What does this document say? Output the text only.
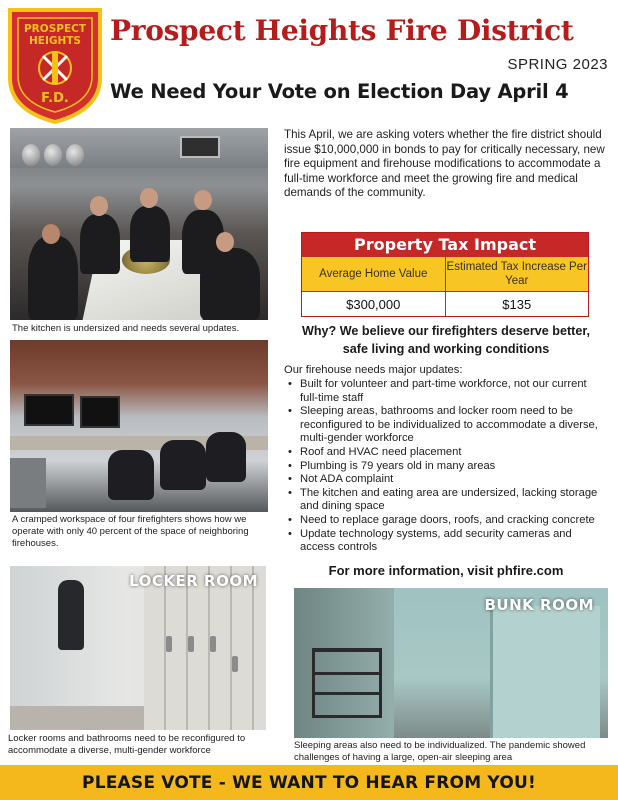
PROSPECT
HEIGHTS
F.D.
Prospect Heights Fire District
SPRING 2023
We Need Your Vote on Election Day April 4
The kitchen is undersized and needs several updates.
A cramped workspace of four firefighters shows how we operate with only 40 percent of the space of neighboring firehouses.
LOCKER ROOM
Locker rooms and bathrooms need to be reconfigured to accommodate a diverse, multi-gender workforce
This April, we are asking voters whether the fire district should issue $10,000,000 in bonds to pay for critically necessary, new fire equipment and firehouse modifications to accommodate a full-time workforce and meet the growing fire and medical demands of the community.
Property Tax Impact
Average Home Value
Estimated Tax Increase Per Year
$300,000	$135
Why? We believe our firefighters deserve better, safe living and working conditions
Our firehouse needs major updates:
• Built for volunteer and part-time workforce, not our current full-time staff
• Sleeping areas, bathrooms and locker room need to be reconfigured to be individualized to accommodate a diverse, multi-gender workforce
• Roof and HVAC need placement
• Plumbing is 79 years old in many areas
• Not ADA complaint
• The kitchen and eating area are undersized, lacking storage and dining space
• Need to replace garage doors, roofs, and cracking concrete
• Update technology systems, add security cameras and access controls
For more information, visit phfire.com
BUNK ROOM
Sleeping areas also need to be individualized. The pandemic showed challenges of having a large, open-air sleeping area
PLEASE VOTE - WE WANT TO HEAR FROM YOU!
